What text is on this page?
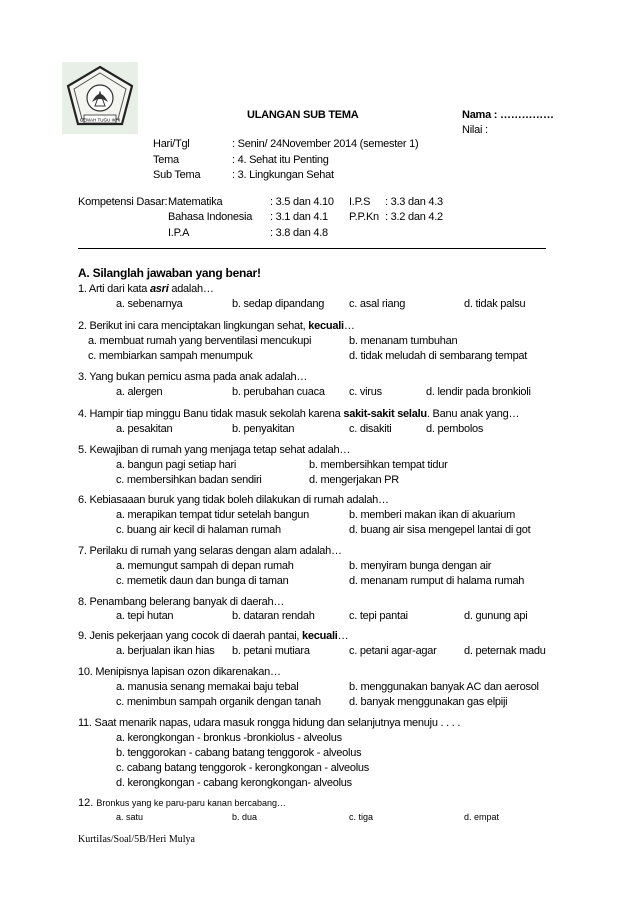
GEMAH TUGU IKHI	ULANGAN SUB TEMA	Nama : ……………
Nilai :
Hari/Tgl	: Senin/ 24November 2014 (semester 1)
Tema	: 4. Sehat itu Penting
Sub Tema	: 3. Lingkungan Sehat
Kompetensi Dasar: Matematika	: 3.5 dan 4.10 I.P.S : 3.3 dan 4.3
Bahasa Indonesia : 3.1 dan 4.1 P.P.Kn : 3.2 dan 4.2
I.P.A	: 3.8 dan 4.8
A. Silanglah jawaban yang benar!
1. Arti dari kata asri adalah…
a. sebenarnya	b. sedap dipandang c. asal riang	d. tidak palsu
2. Berikut ini cara menciptakan lingkungan sehat, kecuali…
a. membuat rumah yang berventilasi mencukupi	b. menanam tumbuhan
c. membiarkan sampah menumpuk	d. tidak meludah di sembarang tempat
3. Yang bukan pemicu asma pada anak adalah…
a. alergen	b. perubahan cuaca c. virus	d. lendir pada bronkioli
4. Hampir tiap minggu Banu tidak masuk sekolah karena sakit-sakit selalu. Banu anak yang…
a. pesakitan	b. penyakitan	c. disakiti	d. pembolos
5. Kewajiban di rumah yang menjaga tetap sehat adalah…
a. bangun pagi setiap hari	b. membersihkan tempat tidur
c. membersihkan badan sendiri	d. mengerjakan PR
6. Kebiasaaan buruk yang tidak boleh dilakukan di rumah adalah…
a. merapikan tempat tidur setelah bangun	b. memberi makan ikan di akuarium
c. buang air kecil di halaman rumah	d. buang air sisa mengepel lantai di got
7. Perilaku di rumah yang selaras dengan alam adalah…
a. memungut sampah di depan rumah	b. menyiram bunga dengan air
c. memetik daun dan bunga di taman	d. menanam rumput di halama rumah
8. Penambang belerang banyak di daerah…
a. tepi hutan	b. dataran rendah	c. tepi pantai	d. gunung api
9. Jenis pekerjaan yang cocok di daerah pantai, kecuali…
a. berjualan ikan hias b. petani mutiara	c. petani agar-agar d. peternak madu
10. Menipisnya lapisan ozon dikarenakan…
a. manusia senang memakai baju tebal	b. menggunakan banyak AC dan aerosol
c. menimbun sampah organik dengan tanah	d. banyak menggunakan gas elpiji
11. Saat menarik napas, udara masuk rongga hidung dan selanjutnya menuju . . . .
a. kerongkongan - bronkus -bronkiolus - alveolus
b. tenggorokan - cabang batang tenggorok - alveolus
c. cabang batang tenggorok - kerongkongan - alveolus
d. kerongkongan - cabang kerongkongan- alveolus
12. Bronkus yang ke paru-paru kanan bercabang…
a. satu	b. dua	c. tiga	d. empat
KurtiIas/Soal/5B/Heri Mulya
